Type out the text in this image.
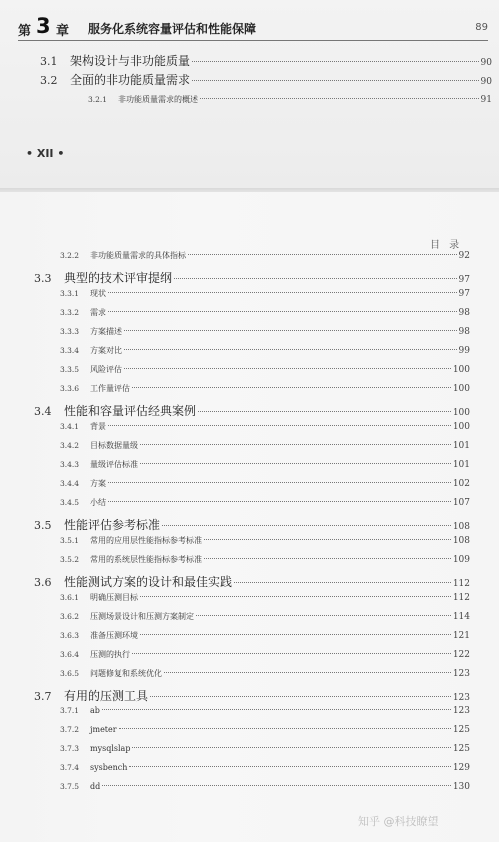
第 3 章 服务化系统容量评估和性能保障	89
3.1	架构设计与非功能质量	90
3.2	全面的非功能质量需求	90
3.2.1	非功能质量需求的概述	91
• XII •
目 录
3.2.2	非功能质量需求的具体指标	92
3.3	典型的技术评审提纲	97
3.3.1	现状	97
3.3.2	需求	98
3.3.3	方案描述	98
3.3.4	方案对比	99
3.3.5	风险评估	100
3.3.6	工作量评估	100
3.4	性能和容量评估经典案例	100
3.4.1	背景	100
3.4.2	目标数据量级	101
3.4.3	量级评估标准	101
3.4.4	方案	102
3.4.5	小结	107
3.5	性能评估参考标准	108
3.5.1	常用的应用层性能指标参考标准	108
3.5.2	常用的系统层性能指标参考标准	109
3.6	性能测试方案的设计和最佳实践	112
3.6.1	明确压测目标	112
3.6.2	压测场景设计和压测方案制定	114
3.6.3	准备压测环境	121
3.6.4	压测的执行	122
3.6.5	问题修复和系统优化	123
3.7	有用的压测工具	123
3.7.1	ab	123
3.7.2	jmeter	125
3.7.3	mysqlslap	125
3.7.4	sysbench	129
3.7.5	dd	130
知乎 @科技瞭望
